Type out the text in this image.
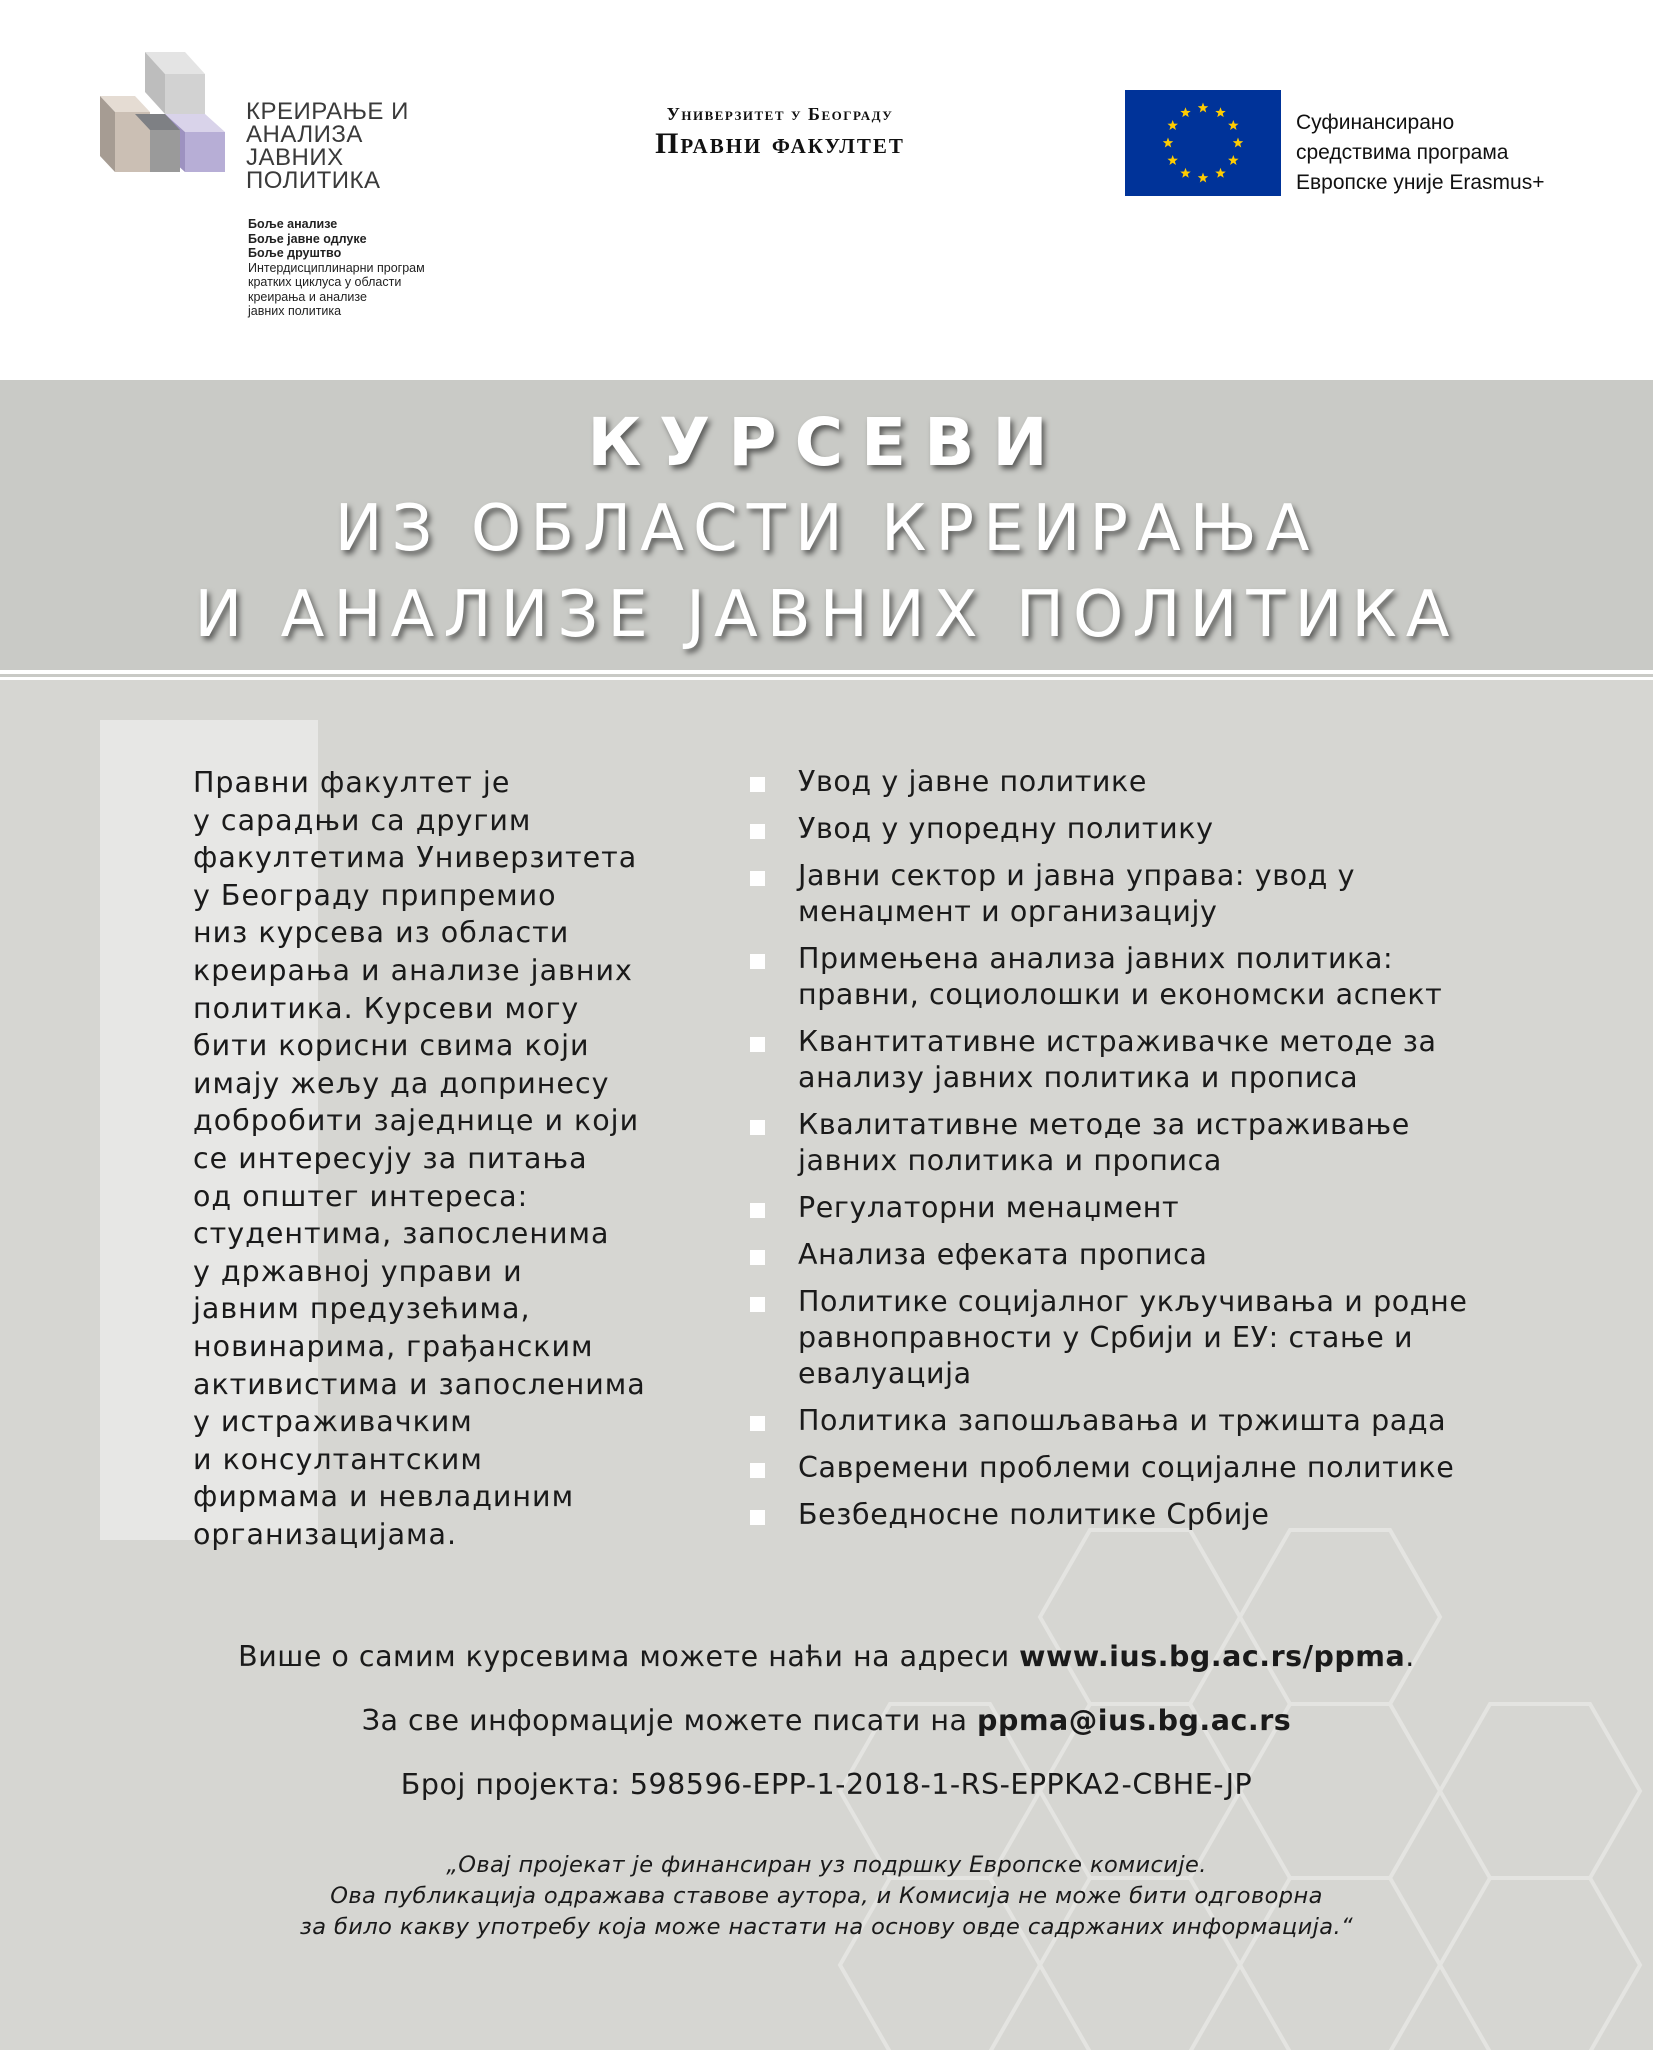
КРЕИРАЊЕ И
АНАЛИЗА
ЈАВНИХ
ПОЛИТИКА
Боље анализе
Боље јавне одлуке
Боље друштво
Интердисциплинарни програм
кратких циклуса у области
креирања и анализе
јавних политика
Универзитет у Београду
Правни факултет
Суфинансирано
средствима програма
Европске уније Erasmus+
КУРСЕВИ
ИЗ ОБЛАСТИ КРЕИРАЊА
И АНАЛИЗЕ ЈАВНИХ ПОЛИТИКА
Правни факултет је
у сарадњи са другим
факултетима Универзитета
у Београду припремио
низ курсева из области
креирања и анализе јавних
политика. Курсеви могу
бити корисни свима који
имају жељу да допринесу
добробити заједнице и који
се интересују за питања
од општег интереса:
студентима, запосленима
у државној управи и
јавним предузећима,
новинарима, грађанским
активистима и запосленима
у истраживачким
и консултантским
фирмама и невладиним
организацијама.
Увод у јавне политике
Увод у упоредну политику
Јавни сектор и јавна управа: увод у
менаџмент и организацију
Примењена анализа јавних политика:
правни, социолошки и економски аспект
Квантитативне истраживачке методе за
анализу јавних политика и прописа
Квалитативне методе за истраживање
јавних политика и прописа
Регулаторни менаџмент
Анализа ефеката прописа
Политике социјалног укључивања и родне
равноправности у Србији и ЕУ: стање и
евалуација
Политика запошљавања и тржишта рада
Савремени проблеми социјалне политике
Безбедносне политике Србије
Више о самим курсевима можете наћи на адреси www.ius.bg.ac.rs/ppma.
За све информације можете писати на ppma@ius.bg.ac.rs
Број пројекта: 598596-EPP-1-2018-1-RS-EPPKA2-CBHE-JP
„Овај пројекат је финансиран уз подршку Европске комисије.
Ова публикација одражава ставове аутора, и Комисија не може бити одговорна
за било какву употребу која може настати на основу овде садржаних информација.“
